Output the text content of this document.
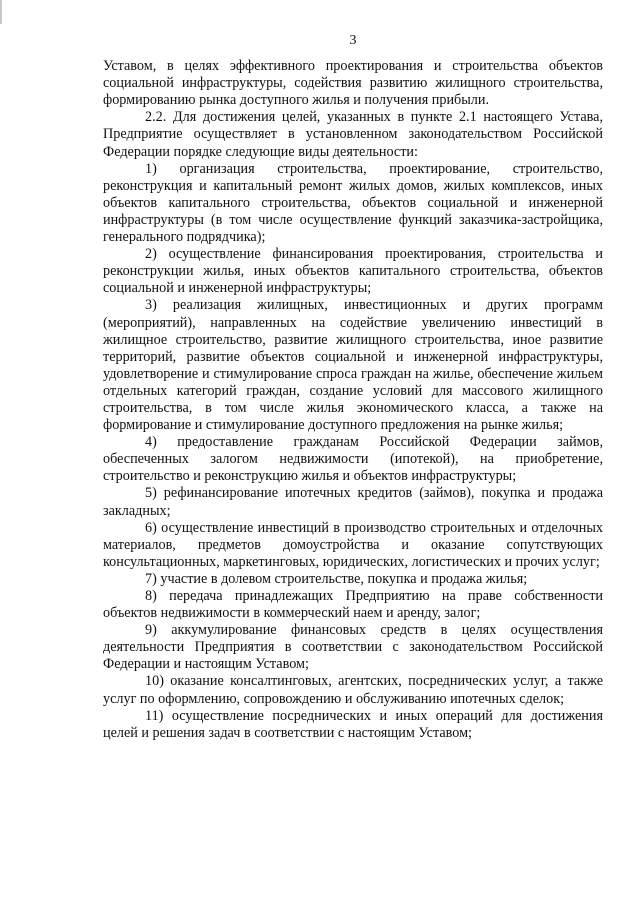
3

Уставом, в целях эффективного проектирования и строительства объектов социальной инфраструктуры, содействия развитию жилищного строительства, формированию рынка доступного жилья и получения прибыли.

2.2. Для достижения целей, указанных в пункте 2.1 настоящего Устава, Предприятие осуществляет в установленном законодательством Российской Федерации порядке следующие виды деятельности:

1) организация строительства, проектирование, строительство, реконструкция и капитальный ремонт жилых домов, жилых комплексов, иных объектов капитального строительства, объектов социальной и инженерной инфраструктуры (в том числе осуществление функций заказчика-застройщика, генерального подрядчика);

2) осуществление финансирования проектирования, строительства и реконструкции жилья, иных объектов капитального строительства, объектов социальной и инженерной инфраструктуры;

3) реализация жилищных, инвестиционных и других программ (мероприятий), направленных на содействие увеличению инвестиций в жилищное строительство, развитие жилищного строительства, иное развитие территорий, развитие объектов социальной и инженерной инфраструктуры, удовлетворение и стимулирование спроса граждан на жилье, обеспечение жильем отдельных категорий граждан, создание условий для массового жилищного строительства, в том числе жилья экономического класса, а также на формирование и стимулирование доступного предложения на рынке жилья;

4) предоставление гражданам Российской Федерации займов, обеспеченных залогом недвижимости (ипотекой), на приобретение, строительство и реконструкцию жилья и объектов инфраструктуры;

5) рефинансирование ипотечных кредитов (займов), покупка и продажа закладных;

6) осуществление инвестиций в производство строительных и отделочных материалов, предметов домоустройства и оказание сопутствующих консультационных, маркетинговых, юридических, логистических и прочих услуг;

7) участие в долевом строительстве, покупка и продажа жилья;

8) передача принадлежащих Предприятию на праве собственности объектов недвижимости в коммерческий наем и аренду, залог;

9) аккумулирование финансовых средств в целях осуществления деятельности Предприятия в соответствии с законодательством Российской Федерации и настоящим Уставом;

10) оказание консалтинговых, агентских, посреднических услуг, а также услуг по оформлению, сопровождению и обслуживанию ипотечных сделок;

11) осуществление посреднических и иных операций для достижения целей и решения задач в соответствии с настоящим Уставом;
